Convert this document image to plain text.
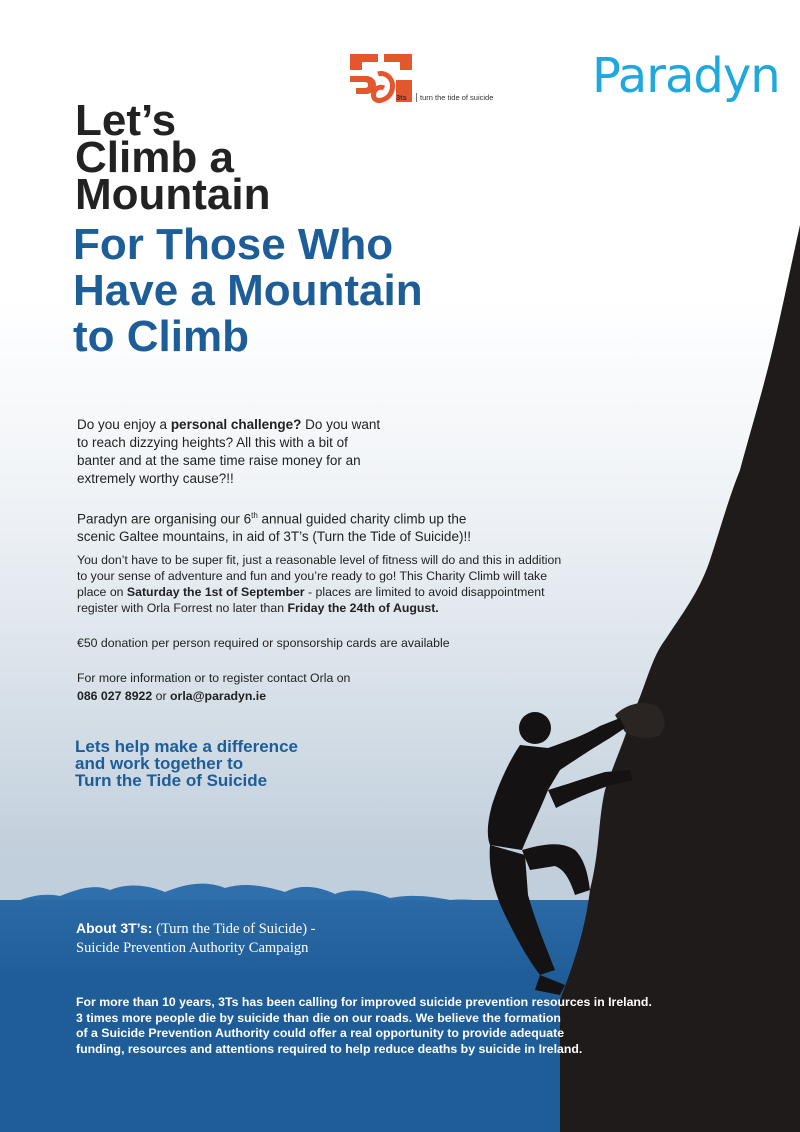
3ts	turn the tide of suicide Paradyn
Let’s
Climb a
Mountain
For Those Who
Have a Mountain
to Climb
Do you enjoy a personal challenge? Do you want
to reach dizzying heights? All this with a bit of
banter and at the same time raise money for an
extremely worthy cause?!!
Paradyn are organising our 6th annual guided charity climb up the
scenic Galtee mountains, in aid of 3T’s (Turn the Tide of Suicide)!!
You don’t have to be super fit, just a reasonable level of fitness will do and this in addition
to your sense of adventure and fun and you’re ready to go! This Charity Climb will take
place on Saturday the 1st of September - places are limited to avoid disappointment
register with Orla Forrest no later than Friday the 24th of August.
€50 donation per person required or sponsorship cards are available
For more information or to register contact Orla on
086 027 8922 or orla@paradyn.ie
Lets help make a difference
and work together to
Turn the Tide of Suicide
About 3T’s: (Turn the Tide of Suicide) -
Suicide Prevention Authority Campaign
For more than 10 years, 3Ts has been calling for improved suicide prevention resources in Ireland.
3 times more people die by suicide than die on our roads. We believe the formation
of a Suicide Prevention Authority could offer a real opportunity to provide adequate
funding, resources and attentions required to help reduce deaths by suicide in Ireland.
